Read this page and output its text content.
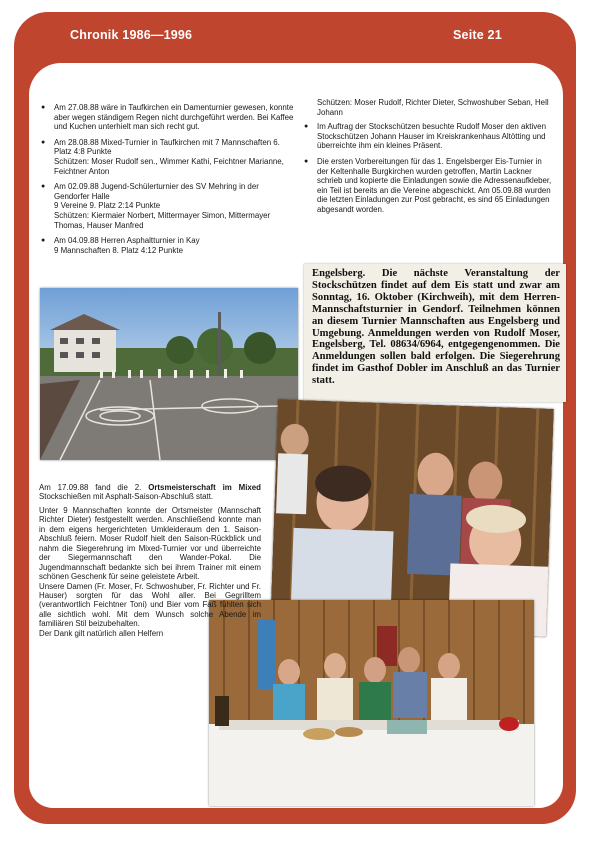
Chronik 1986—1996	Seite 21
● Am 27.08.88 wäre in Taufkirchen ein Damenturnier gewesen, konnte aber wegen ständigem Regen nicht durchgeführt werden. Bei Kaffee und Kuchen unterhielt man sich recht gut.
● Am 28.08.88 Mixed-Turnier in Taufkirchen mit 7 Mannschaften 6. Platz 4:8 Punkte
Schützen: Moser Rudolf sen., Wimmer Kathi, Feichtner Marianne, Feichtner Anton
● Am 02.09.88 Jugend-Schülerturnier des SV Mehring in der Gendorfer Halle
9 Vereine 9. Platz 2:14 Punkte
Schützen: Kiermaier Norbert, Mittermayer Simon, Mittermayer Thomas, Hauser Manfred
● Am 04.09.88 Herren Asphaltturnier in Kay
9 Mannschaften 8. Platz 4:12 Punkte
Schützen: Moser Rudolf, Richter Dieter, Schwoshuber Seban, Hell Johann
● Im Auftrag der Stockschützen besuchte Rudolf Moser den aktiven Stockschützen Johann Hauser im Kreiskrankenhaus Altötting und überreichte ihm ein kleines Präsent.
● Die ersten Vorbereitungen für das 1. Engelsberger Eis-Turnier in der Keltenhalle Burgkirchen wurden getroffen, Martin Lackner schrieb und kopierte die Einladungen sowie die Adressenaufkleber, ein Teil ist bereits an die Vereine abgeschickt. Am 05.09.88 wurden die letzten Einladungen zur Post gebracht, es sind 65 Einladungen abgesandt worden.
Engelsberg. Die nächste Veranstaltung der Stockschützen findet auf dem Eis statt und zwar am Sonntag, 16. Oktober (Kirchweih), mit dem Herren-Mannschaftsturnier in Gendorf. Teilnehmen können an diesem Turnier Mannschaften aus Engelsberg und Umgebung. Anmeldungen werden von Rudolf Moser, Engelsberg, Tel. 08634/6964, entgegengenommen. Die Anmeldungen sollen bald erfolgen. Die Siegerehrung findet im Gasthof Dobler im Anschluß an das Turnier statt.

Am 17.09.88 fand die 2. Ortsmeisterschaft im Mixed Stockschießen mit Asphalt-Saison-Abschluß statt.

Unter 9 Mannschaften konnte der Ortsmeister (Mannschaft Richter Dieter) festgestellt werden. Anschließend konnte man in dem eigens hergerichteten Umkleideraum den 1. Saison-Abschluß feiern. Moser Rudolf hielt den Saison-Rückblick und nahm die Siegerehrung im Mixed-Turnier vor und überreichte der Siegermannschaft den Wander-Pokal. Die Jugendmannschaft bedankte sich bei ihrem Trainer mit einem schönen Geschenk für seine geleistete Arbeit.

Unsere Damen (Fr. Moser, Fr. Schwoshuber, Fr. Richter und Fr. Hauser) sorgten für das Wohl aller. Bei Gegrilltem (verantwortlich Feichtner Toni) und Bier vom Faß fühlten sich alle sichtlich wohl. Mit dem Wunsch solche Abende im familiären Stil beizubehalten.

Der Dank gilt natürlich allen Helfern
